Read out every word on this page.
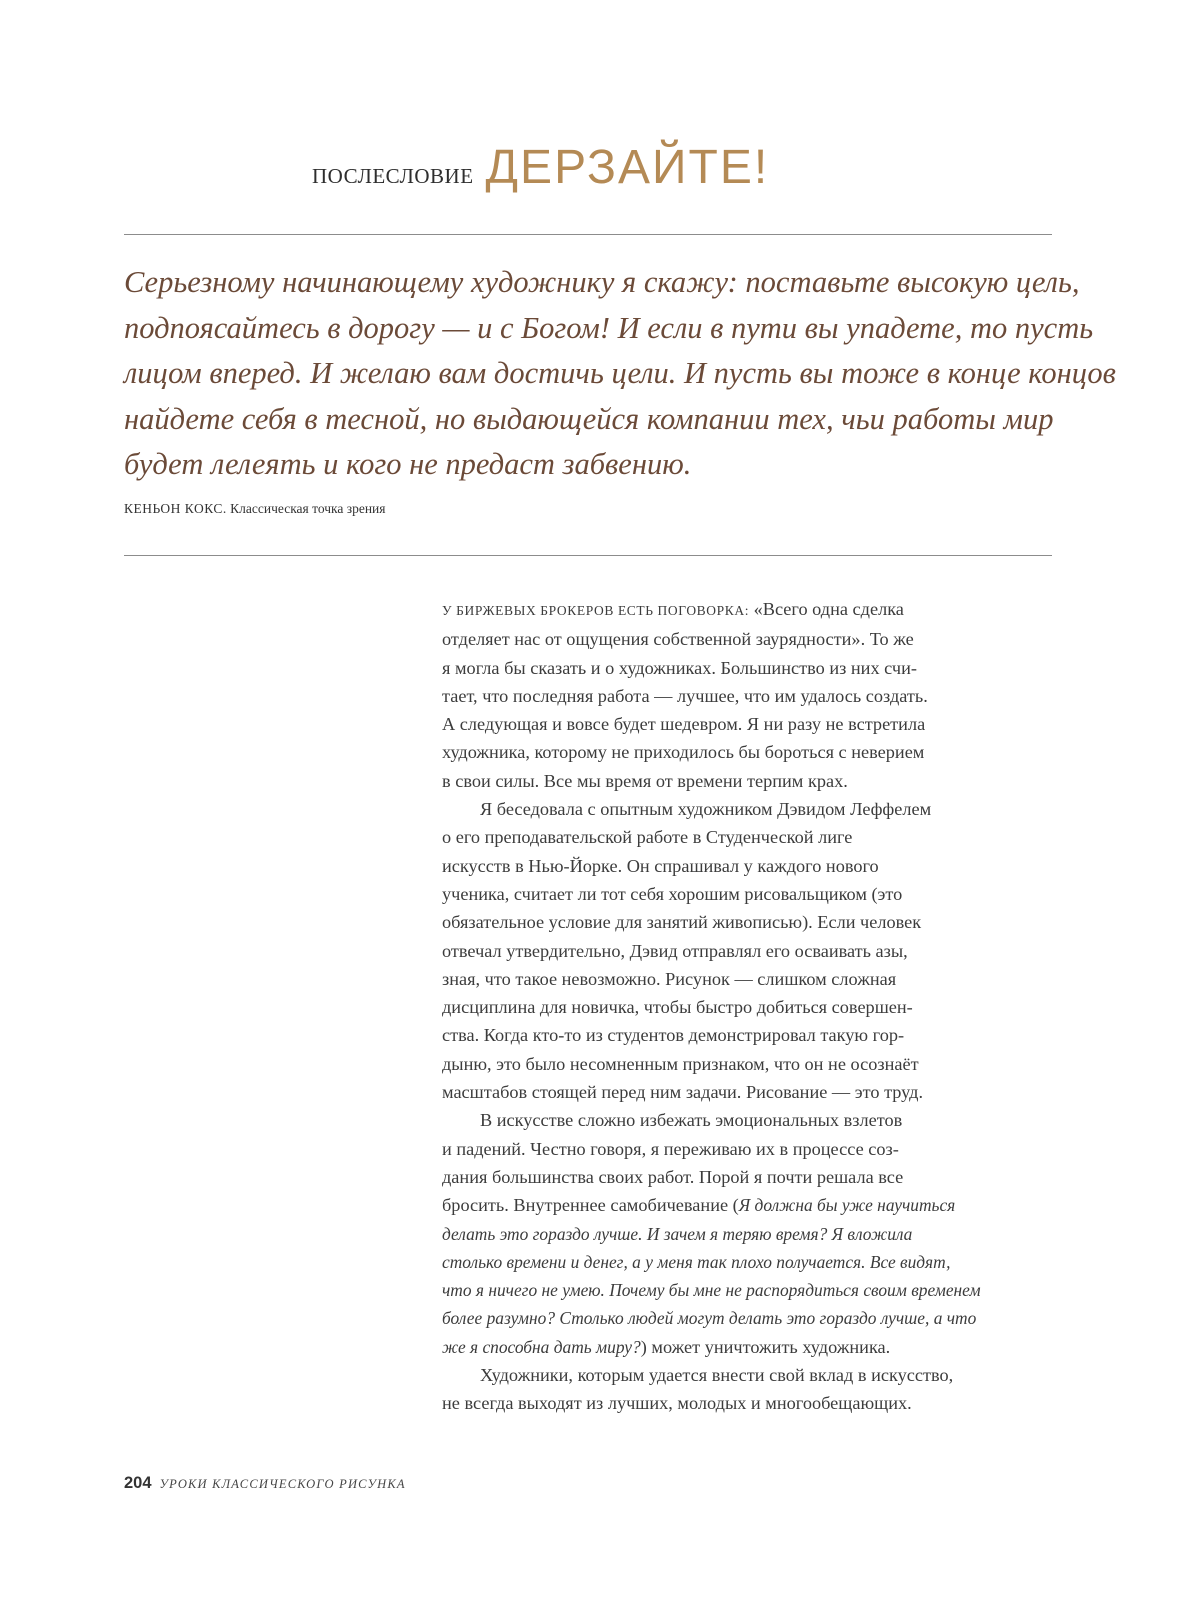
ПОСЛЕСЛОВИЕ ДЕРЗАЙТЕ!
Серьезному начинающему художнику я скажу: поставьте высокую цель,
подпоясайтесь в дорогу — и с Богом! И если в пути вы упадете, то пусть
лицом вперед. И желаю вам достичь цели. И пусть вы тоже в конце концов
найдете себя в тесной, но выдающейся компании тех, чьи работы мир
будет лелеять и кого не предаст забвению.
КЕНЬОН КОКС. Классическая точка зрения
У БИРЖЕВЫХ БРОКЕРОВ ЕСТЬ ПОГОВОРКА: «Всего одна сделка
отделяет нас от ощущения собственной заурядности». То же
я могла бы сказать и о художниках. Большинство из них счи-
тает, что последняя работа — лучшее, что им удалось создать.
А следующая и вовсе будет шедевром. Я ни разу не встретила
художника, которому не приходилось бы бороться с неверием
в свои силы. Все мы время от времени терпим крах.
Я беседовала с опытным художником Дэвидом Леффелем
о его преподавательской работе в Студенческой лиге
искусств в Нью-Йорке. Он спрашивал у каждого нового
ученика, считает ли тот себя хорошим рисовальщиком (это
обязательное условие для занятий живописью). Если человек
отвечал утвердительно, Дэвид отправлял его осваивать азы,
зная, что такое невозможно. Рисунок — слишком сложная
дисциплина для новичка, чтобы быстро добиться совершен-
ства. Когда кто-то из студентов демонстрировал такую гор-
дыню, это было несомненным признаком, что он не осознаёт
масштабов стоящей перед ним задачи. Рисование — это труд.
В искусстве сложно избежать эмоциональных взлетов
и падений. Честно говоря, я переживаю их в процессе соз-
дания большинства своих работ. Порой я почти решала все
бросить. Внутреннее самобичевание (Я должна бы уже научиться
делать это гораздо лучше. И зачем я теряю время? Я вложила
столько времени и денег, а у меня так плохо получается. Все видят,
что я ничего не умею. Почему бы мне не распорядиться своим временем
более разумно? Столько людей могут делать это гораздо лучше, а что
же я способна дать миру?) может уничтожить художника.
Художники, которым удается внести свой вклад в искусство,
не всегда выходят из лучших, молодых и многообещающих.
204 УРОКИ КЛАССИЧЕСКОГО РИСУНКА
